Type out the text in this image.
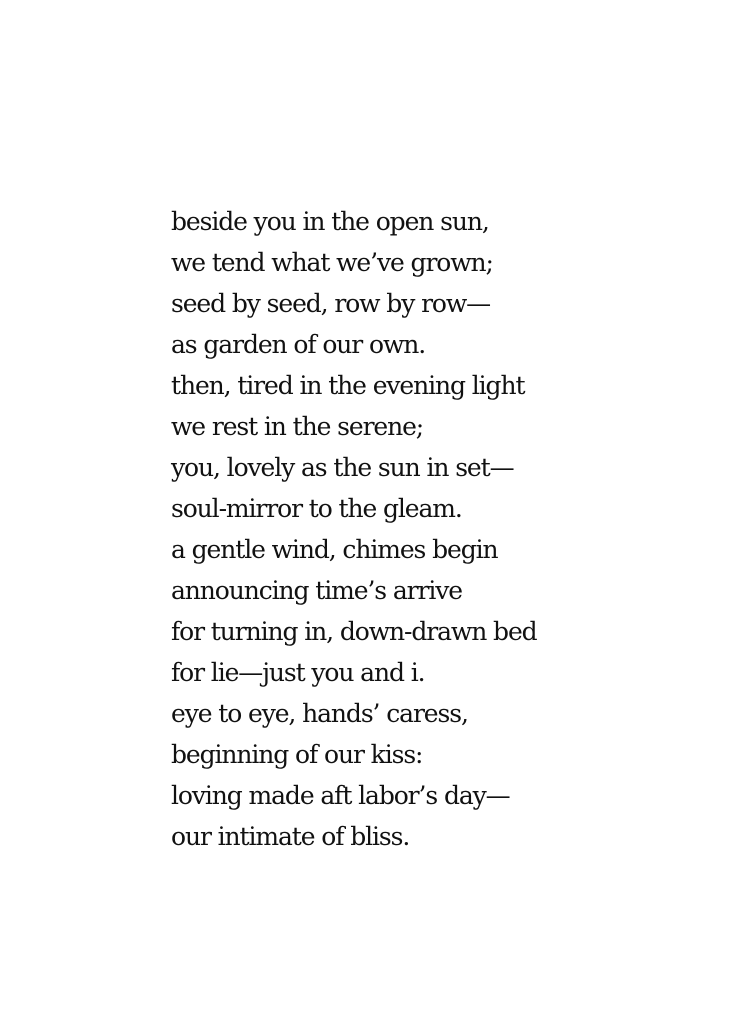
beside you in the open sun,
we tend what we’ve grown;
seed by seed, row by row—
as garden of our own.
then, tired in the evening light
we rest in the serene;
you, lovely as the sun in set—
soul-mirror to the gleam.
a gentle wind, chimes begin
announcing time’s arrive
for turning in, down-drawn bed
for lie—just you and i.
eye to eye, hands’ caress,
beginning of our kiss:
loving made aft labor’s day—
our intimate of bliss.
